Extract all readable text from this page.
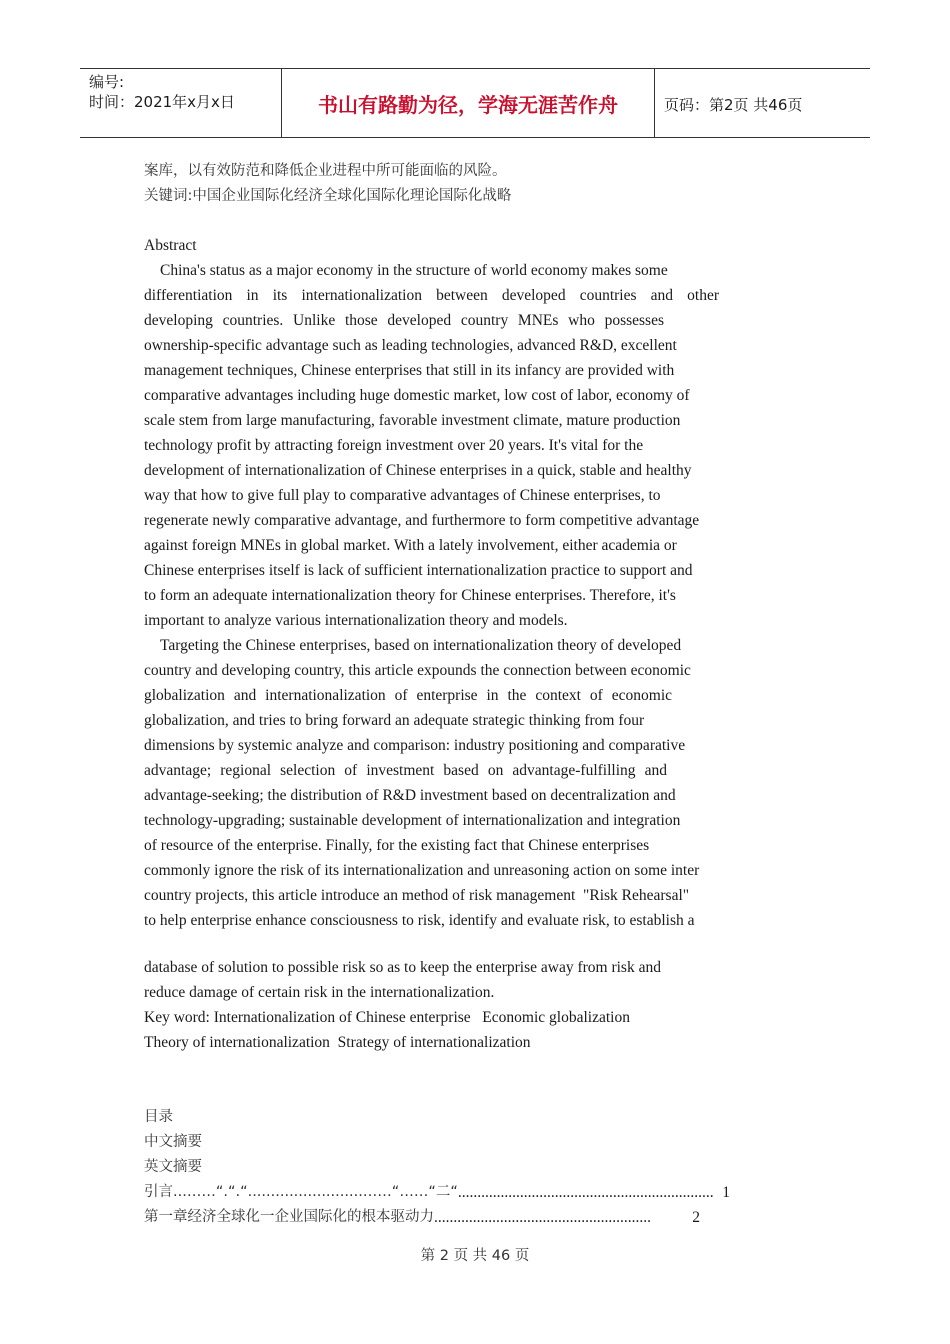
编号:
时间：2021年x月x日	书山有路勤为径，学海无涯苦作舟	页码：第2页 共46页
案库，以有效防范和降低企业进程中所可能面临的风险。
关键词:中国企业国际化经济全球化国际化理论国际化战略
Abstract
China's status as a major economy in the structure of world economy makes some
differentiation in its internationalization between developed countries and other
developing countries. Unlike those developed country MNEs who possesses
ownership-specific advantage such as leading technologies, advanced R&D, excellent
management techniques, Chinese enterprises that still in its infancy are provided with
comparative advantages including huge domestic market, low cost of labor, economy of
scale stem from large manufacturing, favorable investment climate, mature production
technology profit by attracting foreign investment over 20 years. It's vital for the
development of internationalization of Chinese enterprises in a quick, stable and healthy
way that how to give full play to comparative advantages of Chinese enterprises, to
regenerate newly comparative advantage, and furthermore to form competitive advantage
against foreign MNEs in global market. With a lately involvement, either academia or
Chinese enterprises itself is lack of sufficient internationalization practice to support and
to form an adequate internationalization theory for Chinese enterprises. Therefore, it's
important to analyze various internationalization theory and models.
Targeting the Chinese enterprises, based on internationalization theory of developed
country and developing country, this article expounds the connection between economic
globalization and internationalization of enterprise in the context of economic
globalization, and tries to bring forward an adequate strategic thinking from four
dimensions by systemic analyze and comparison: industry positioning and comparative
advantage; regional selection of investment based on advantage-fulfilling and
advantage-seeking; the distribution of R&D investment based on decentralization and
technology-upgrading; sustainable development of internationalization and integration
of resource of the enterprise. Finally, for the existing fact that Chinese enterprises
commonly ignore the risk of its internationalization and unreasoning action on some inter
country projects, this article introduce an method of risk management  "Risk Rehearsal"
to help enterprise enhance consciousness to risk, identify and evaluate risk, to establish a
database of solution to possible risk so as to keep the enterprise away from risk and
reduce damage of certain risk in the internationalization.
Key word: Internationalization of Chinese enterprise   Economic globalization
Theory of internationalization  Strategy of internationalization
目录
中文摘要
英文摘要
引言...……“.“.“.........................……“……“二“ .................................................................. 1
第一章经济全球化一企业国际化的根本驱动力 ........................................................	2
第 2 页 共 46 页
